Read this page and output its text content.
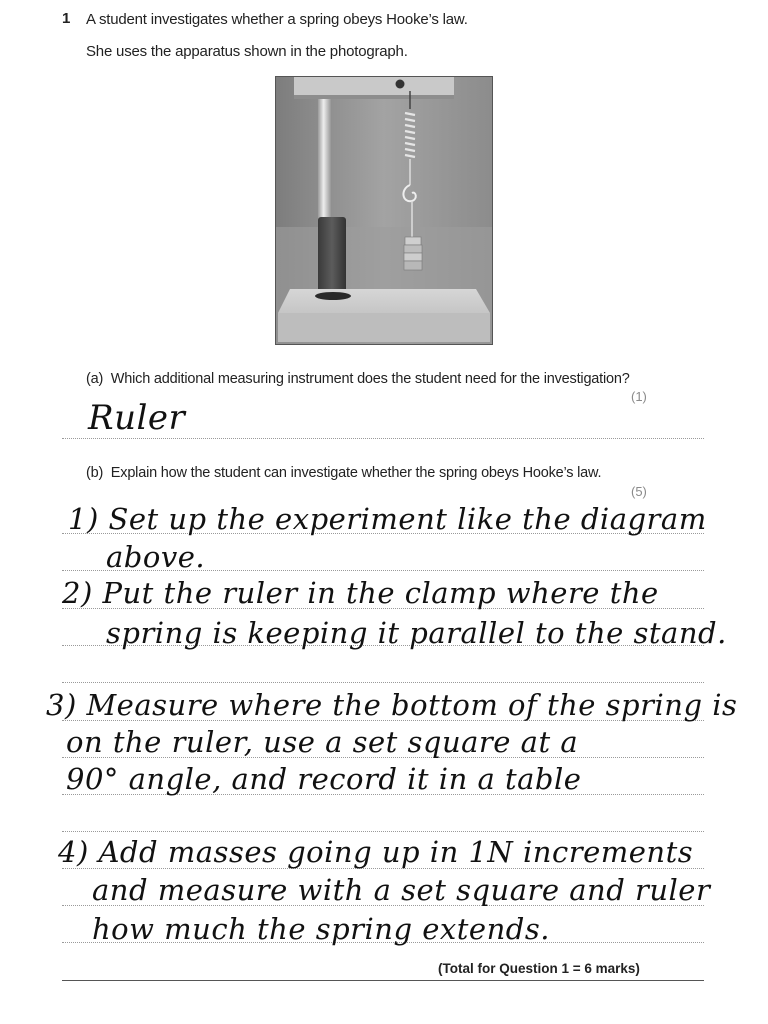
1 A student investigates whether a spring obeys Hooke’s law.
She uses the apparatus shown in the photograph.
(a) Which additional measuring instrument does the student need for the investigation?
(1)
Ruler
(b) Explain how the student can investigate whether the spring obeys Hooke’s law.
(5)
1) Set up the experiment like the diagram
above.
2) Put the ruler in the clamp where the
spring is keeping it parallel to the stand.
3) Measure where the bottom of the spring is
on the ruler, use a set square at a
90° angle, and record it in a table
4) Add masses going up in 1N increments
and measure with a set square and ruler
how much the spring extends.
(Total for Question 1 = 6 marks)
